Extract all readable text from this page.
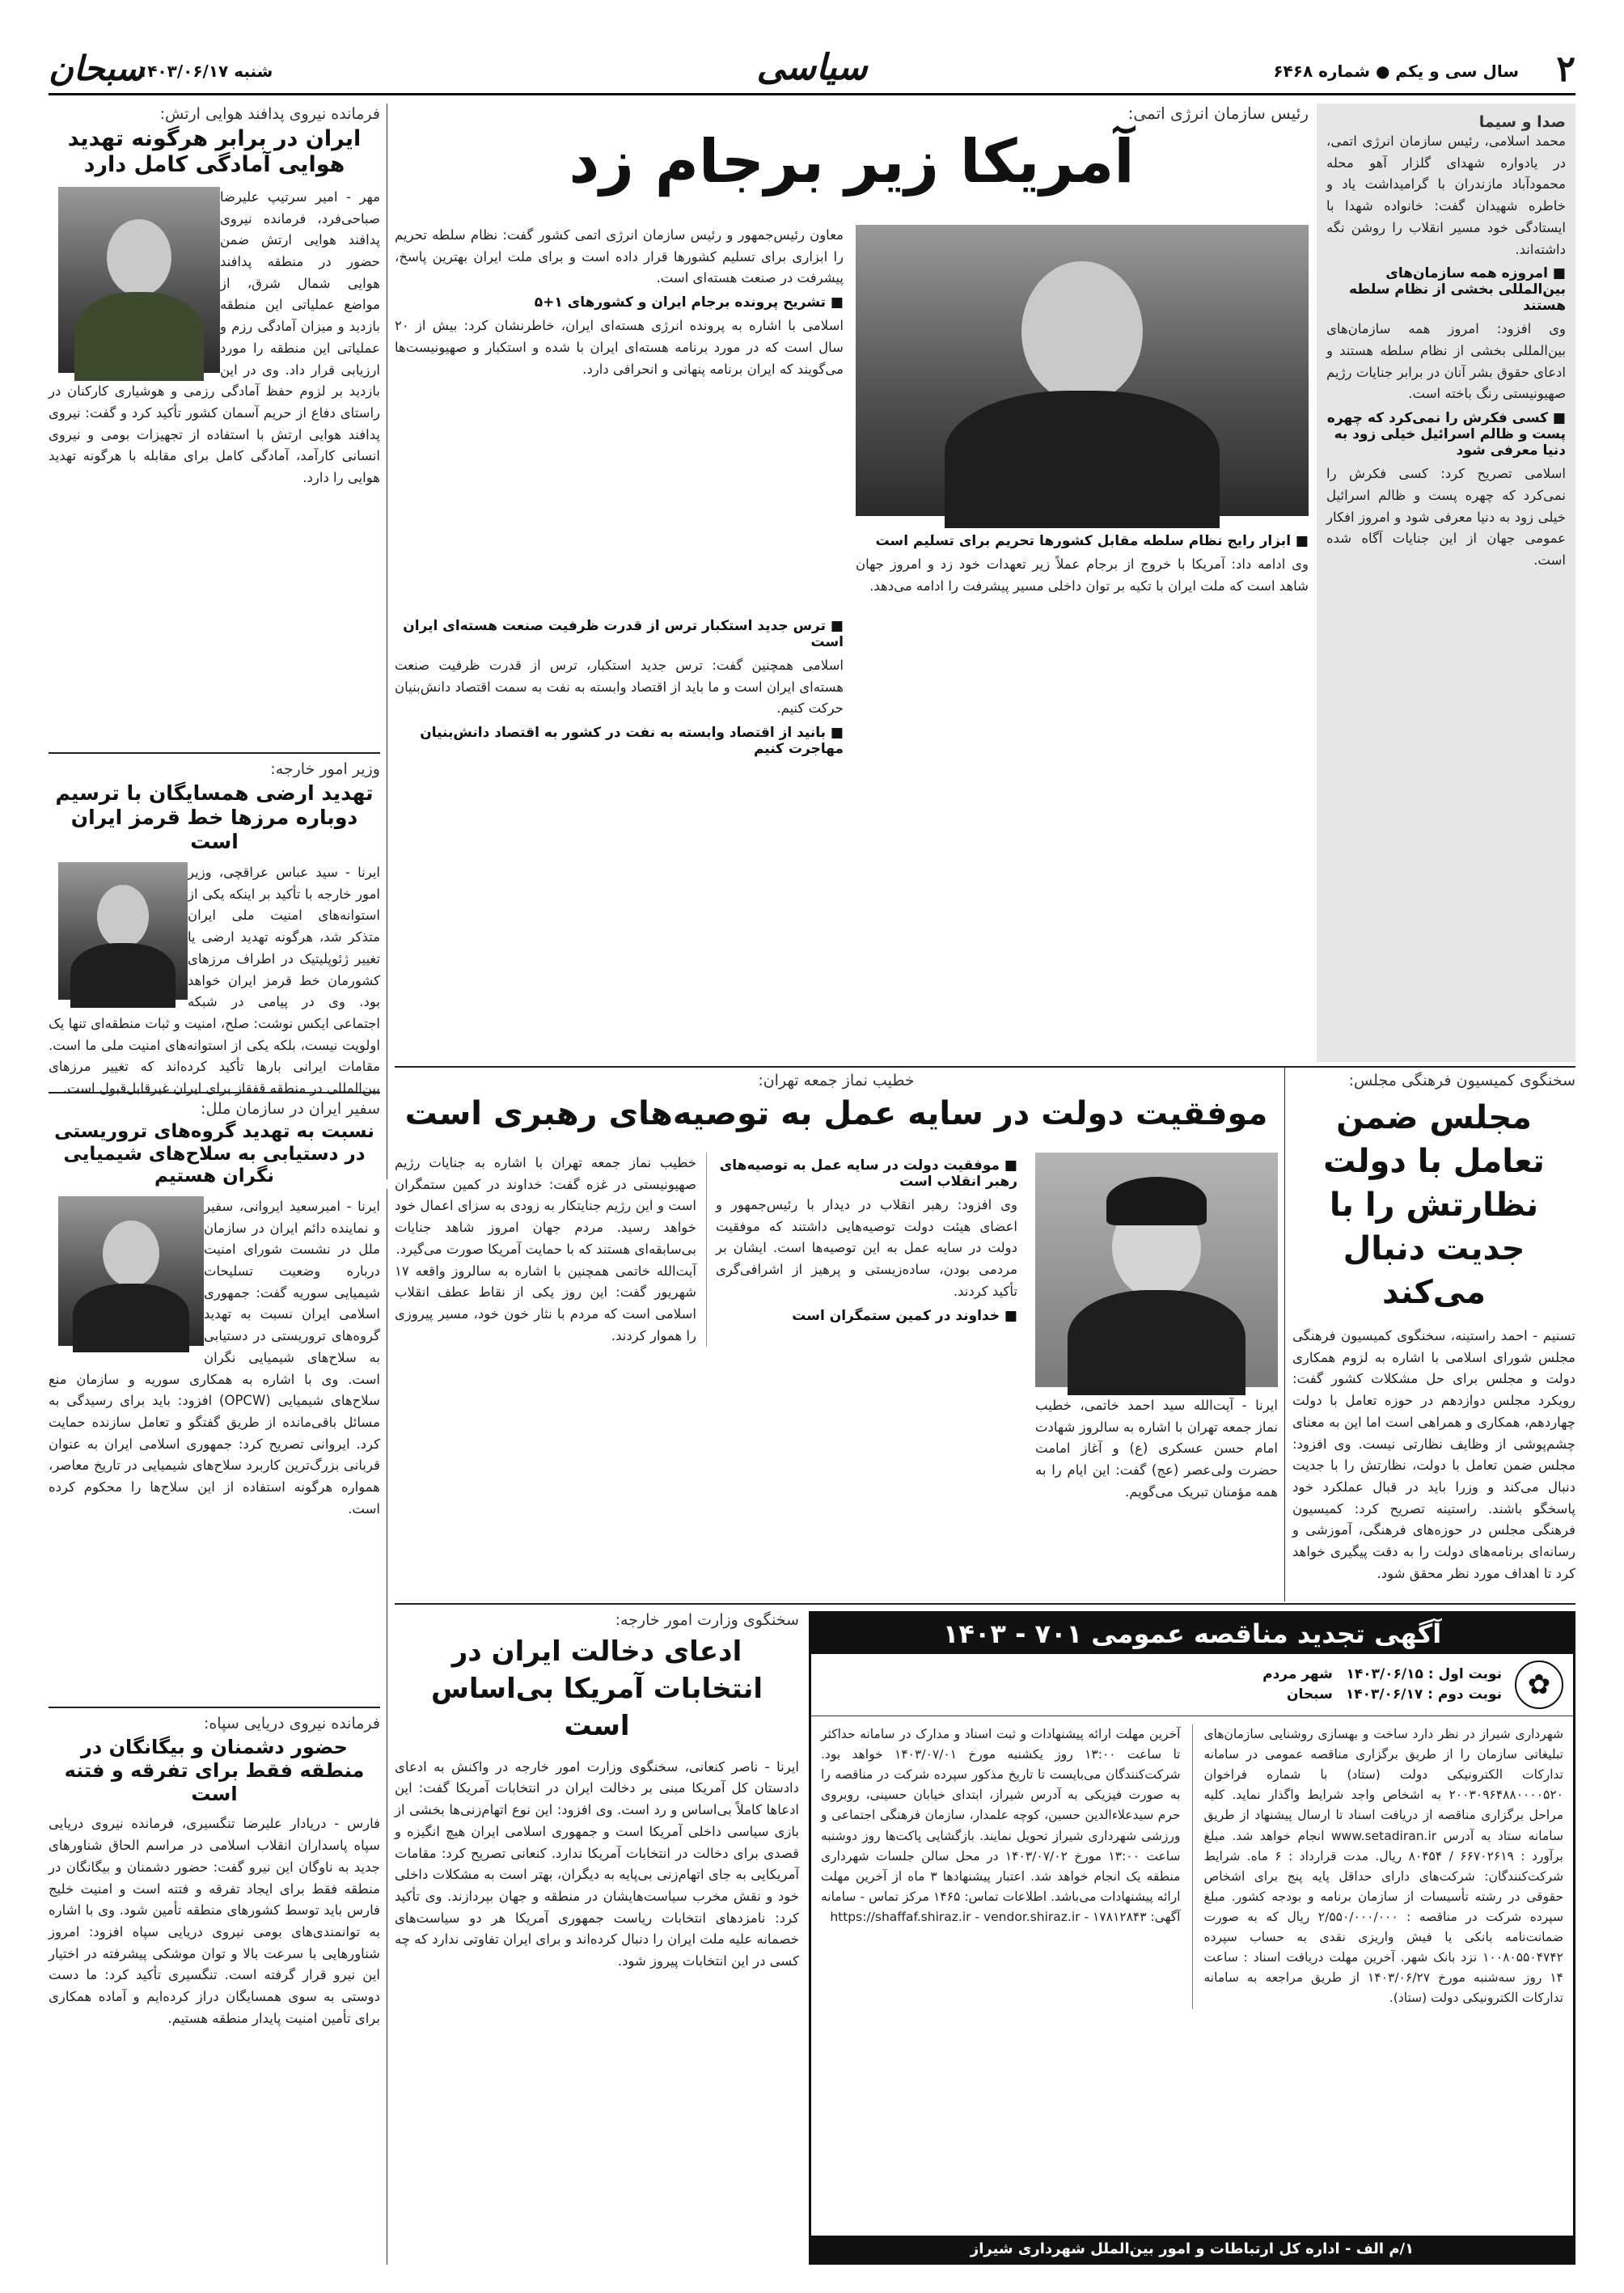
۲
سال سی و یکم ● شماره ۶۴۶۸
سیاسی
سبحان
شنبه ۱۴۰۳/۰۶/۱۷
فرمانده نیروی پدافند هوایی ارتش:
ایران در برابر هرگونه تهدید هوایی آمادگی کامل دارد
مهر - امیر سرتیپ علیرضا صباحی‌فرد، فرمانده نیروی پدافند هوایی ارتش ضمن حضور در منطقه پدافند هوایی شمال شرق، از مواضع عملیاتی این منطقه بازدید و میزان آمادگی رزم و عملیاتی این منطقه را مورد ارزیابی قرار داد. وی در این بازدید بر لزوم حفظ آمادگی رزمی و هوشیاری کارکنان در راستای دفاع از حریم آسمان کشور تأکید کرد و گفت: نیروی پدافند هوایی ارتش با استفاده از تجهیزات بومی و نیروی انسانی کارآمد، آمادگی کامل برای مقابله با هرگونه تهدید هوایی را دارد.
وزیر امور خارجه:
تهدید ارضی همسایگان با ترسیم دوباره مرزها خط قرمز ایران است
ایرنا - سید عباس عراقچی، وزیر امور خارجه با تأکید بر اینکه یکی از استوانه‌های امنیت ملی ایران متذکر شد، هرگونه تهدید ارضی یا تغییر ژئوپلیتیک در اطراف مرزهای کشورمان خط قرمز ایران خواهد بود. وی در پیامی در شبکه اجتماعی ایکس نوشت: صلح، امنیت و ثبات منطقه‌ای تنها یک اولویت نیست، بلکه یکی از استوانه‌های امنیت ملی ما است. مقامات ایرانی بارها تأکید کرده‌اند که تغییر مرزهای بین‌المللی در منطقه قفقاز برای ایران غیرقابل‌قبول است.
سفیر ایران در سازمان ملل:
نسبت به تهدید گروه‌های تروریستی در دستیابی به سلاح‌های شیمیایی نگران هستیم
ایرنا - امیرسعید ایروانی، سفیر و نماینده دائم ایران در سازمان ملل در نشست شورای امنیت درباره وضعیت تسلیحات شیمیایی سوریه گفت: جمهوری اسلامی ایران نسبت به تهدید گروه‌های تروریستی در دستیابی به سلاح‌های شیمیایی نگران است. وی با اشاره به همکاری سوریه و سازمان منع سلاح‌های شیمیایی (OPCW) افزود: باید برای رسیدگی به مسائل باقی‌مانده از طریق گفتگو و تعامل سازنده حمایت کرد. ایروانی تصریح کرد: جمهوری اسلامی ایران به عنوان قربانی بزرگ‌ترین کاربرد سلاح‌های شیمیایی در تاریخ معاصر، همواره هرگونه استفاده از این سلاح‌ها را محکوم کرده است.
فرمانده نیروی دریایی سپاه:
حضور دشمنان و بیگانگان در منطقه فقط برای تفرقه و فتنه است
فارس - دریادار علیرضا تنگسیری، فرمانده نیروی دریایی سپاه پاسداران انقلاب اسلامی در مراسم الحاق شناورهای جدید به ناوگان این نیرو گفت: حضور دشمنان و بیگانگان در منطقه فقط برای ایجاد تفرقه و فتنه است و امنیت خلیج فارس باید توسط کشورهای منطقه تأمین شود. وی با اشاره به توانمندی‌های بومی نیروی دریایی سپاه افزود: امروز شناورهایی با سرعت بالا و توان موشکی پیشرفته در اختیار این نیرو قرار گرفته است. تنگسیری تأکید کرد: ما دست دوستی به سوی همسایگان دراز کرده‌ایم و آماده همکاری برای تأمین امنیت پایدار منطقه هستیم.
رئیس سازمان انرژی اتمی:
آمریکا زیر برجام زد
معاون رئیس‌جمهور و رئیس سازمان انرژی اتمی کشور گفت: نظام سلطه تحریم را ابزاری برای تسلیم کشورها قرار داده است و برای ملت ایران بهترین پاسخ، پیشرفت در صنعت هسته‌ای است.
■ تشریح پرونده برجام ایران و کشورهای ۱+۵
اسلامی با اشاره به پرونده انرژی هسته‌ای ایران، خاطرنشان کرد: بیش از ۲۰ سال است که در مورد برنامه هسته‌ای ایران با شده و استکبار و صهیونیست‌ها می‌گویند که ایران برنامه پنهانی و انحرافی دارد.
■ ابزار رایج نظام سلطه مقابل کشورها تحریم برای تسلیم است
وی ادامه داد: آمریکا با خروج از برجام عملاً زیر تعهدات خود زد و امروز جهان شاهد است که ملت ایران با تکیه بر توان داخلی مسیر پیشرفت را ادامه می‌دهد.
■ ترس جدید استکبار ترس از قدرت ظرفیت صنعت هسته‌ای ایران است
اسلامی همچنین گفت: ترس جدید استکبار، ترس از قدرت ظرفیت صنعت هسته‌ای ایران است و ما باید از اقتصاد وابسته به نفت به سمت اقتصاد دانش‌بنیان حرکت کنیم.
■ بانید از اقتصاد وابسته به نفت در کشور به اقتصاد دانش‌بنیان مهاجرت کنیم
صدا و سیما
محمد اسلامی، رئیس سازمان انرژی اتمی، در یادواره شهدای گلزار آهو محله محمودآباد مازندران با گرامیداشت یاد و خاطره شهیدان گفت: خانواده شهدا با ایستادگی خود مسیر انقلاب را روشن نگه داشته‌اند.
■ امروزه همه سازمان‌های بین‌المللی بخشی از نظام سلطه هستند
وی افزود: امروز همه سازمان‌های بین‌المللی بخشی از نظام سلطه هستند و ادعای حقوق بشر آنان در برابر جنایات رژیم صهیونیستی رنگ باخته است.
■ کسی فکرش را نمی‌کرد که چهره پست و ظالم اسرائیل خیلی زود به دنیا معرفی شود
اسلامی تصریح کرد: کسی فکرش را نمی‌کرد که چهره پست و ظالم اسرائیل خیلی زود به دنیا معرفی شود و امروز افکار عمومی جهان از این جنایات آگاه شده است.
سخنگوی کمیسیون فرهنگی مجلس:
مجلس ضمن تعامل با دولت نظارتش را با جدیت دنبال می‌کند
تسنیم - احمد راستینه، سخنگوی کمیسیون فرهنگی مجلس شورای اسلامی با اشاره به لزوم همکاری دولت و مجلس برای حل مشکلات کشور گفت: رویکرد مجلس دوازدهم در حوزه تعامل با دولت چهاردهم، همکاری و همراهی است اما این به معنای چشم‌پوشی از وظایف نظارتی نیست. وی افزود: مجلس ضمن تعامل با دولت، نظارتش را با جدیت دنبال می‌کند و وزرا باید در قبال عملکرد خود پاسخگو باشند. راستینه تصریح کرد: کمیسیون فرهنگی مجلس در حوزه‌های فرهنگی، آموزشی و رسانه‌ای برنامه‌های دولت را به دقت پیگیری خواهد کرد تا اهداف مورد نظر محقق شود.
خطیب نماز جمعه تهران:
موفقیت دولت در سایه عمل به توصیه‌های رهبری است
ایرنا - آیت‌الله سید احمد خاتمی، خطیب نماز جمعه تهران با اشاره به سالروز شهادت امام حسن عسکری (ع) و آغاز امامت حضرت ولی‌عصر (عج) گفت: این ایام را به همه مؤمنان تبریک می‌گویم.
■ موفقیت دولت در سایه عمل به توصیه‌های رهبر انقلاب است
وی افزود: رهبر انقلاب در دیدار با رئیس‌جمهور و اعضای هیئت دولت توصیه‌هایی داشتند که موفقیت دولت در سایه عمل به این توصیه‌ها است. ایشان بر مردمی بودن، ساده‌زیستی و پرهیز از اشرافی‌گری تأکید کردند.
■ خداوند در کمین ستمگران است
خطیب نماز جمعه تهران با اشاره به جنایات رژیم صهیونیستی در غزه گفت: خداوند در کمین ستمگران است و این رژیم جنایتکار به زودی به سزای اعمال خود خواهد رسید. مردم جهان امروز شاهد جنایات بی‌سابقه‌ای هستند که با حمایت آمریکا صورت می‌گیرد.
آیت‌الله خاتمی همچنین با اشاره به سالروز واقعه ۱۷ شهریور گفت: این روز یکی از نقاط عطف انقلاب اسلامی است که مردم با نثار خون خود، مسیر پیروزی را هموار کردند.
سخنگوی وزارت امور خارجه:
ادعای دخالت ایران در انتخابات آمریکا بی‌اساس است
ایرنا - ناصر کنعانی، سخنگوی وزارت امور خارجه در واکنش به ادعای دادستان کل آمریکا مبنی بر دخالت ایران در انتخابات آمریکا گفت: این ادعاها کاملاً بی‌اساس و رد است. وی افزود: این نوع اتهام‌زنی‌ها بخشی از بازی سیاسی داخلی آمریکا است و جمهوری اسلامی ایران هیچ انگیزه و قصدی برای دخالت در انتخابات آمریکا ندارد. کنعانی تصریح کرد: مقامات آمریکایی به جای اتهام‌زنی بی‌پایه به دیگران، بهتر است به مشکلات داخلی خود و نقش مخرب سیاست‌هایشان در منطقه و جهان بپردازند. وی تأکید کرد: نامزدهای انتخابات ریاست جمهوری آمریکا هر دو سیاست‌های خصمانه علیه ملت ایران را دنبال کرده‌اند و برای ایران تفاوتی ندارد که چه کسی در این انتخابات پیروز شود.
آگهی تجدید مناقصه عمومی ۷۰۱ - ۱۴۰۳
✿
نوبت اول : ۱۴۰۳/۰۶/۱۵
نوبت دوم : ۱۴۰۳/۰۶/۱۷
شهر مردم
سبحان
شهرداری شیراز در نظر دارد ساخت و بهسازی روشنایی سازمان‌های تبلیغاتی سازمان را از طریق برگزاری مناقصه عمومی در سامانه تدارکات الکترونیکی دولت (ستاد) با شماره فراخوان ۲۰۰۳۰۹۶۴۸۸۰۰۰۰۵۲۰ به اشخاص واجد شرایط واگذار نماید. کلیه مراحل برگزاری مناقصه از دریافت اسناد تا ارسال پیشنهاد از طریق سامانه ستاد به آدرس www.setadiran.ir انجام خواهد شد. مبلغ برآورد : ۶۶۷۰۲۶۱۹ / ۸۰۴۵۴ ریال. مدت قرارداد : ۶ ماه. شرایط شرکت‌کنندگان: شرکت‌های دارای حداقل پایه پنج برای اشخاص حقوقی در رشته تأسیسات از سازمان برنامه و بودجه کشور. مبلغ سپرده شرکت در مناقصه : ۲/۵۵۰/۰۰۰/۰۰۰ ریال که به صورت ضمانت‌نامه بانکی یا فیش واریزی نقدی به حساب سپرده ۱۰۰۸۰۵۵۰۴۷۴۲ نزد بانک شهر. آخرین مهلت دریافت اسناد : ساعت ۱۴ روز سه‌شنبه مورخ ۱۴۰۳/۰۶/۲۷ از طریق مراجعه به سامانه تدارکات الکترونیکی دولت (ستاد).
آخرین مهلت ارائه پیشنهادات و ثبت اسناد و مدارک در سامانه حداکثر تا ساعت ۱۳:۰۰ روز یکشنبه مورخ ۱۴۰۳/۰۷/۰۱ خواهد بود. شرکت‌کنندگان می‌بایست تا تاریخ مذکور سپرده شرکت در مناقصه را به صورت فیزیکی به آدرس شیراز، ابتدای خیابان حسینی، روبروی حرم سیدعلاءالدین حسین، کوچه علمدار، سازمان فرهنگی اجتماعی و ورزشی شهرداری شیراز تحویل نمایند. بازگشایی پاکت‌ها روز دوشنبه ساعت ۱۳:۰۰ مورخ ۱۴۰۳/۰۷/۰۲ در محل سالن جلسات شهرداری منطقه یک انجام خواهد شد. اعتبار پیشنهادها ۳ ماه از آخرین مهلت ارائه پیشنهادات می‌باشد. اطلاعات تماس: ۱۴۶۵ مرکز تماس - سامانه آگهی: ۱۷۸۱۲۸۴۳ - https://shaffaf.shiraz.ir - vendor.shiraz.ir
۱/م الف - اداره کل ارتباطات و امور بین‌الملل شهرداری شیراز
